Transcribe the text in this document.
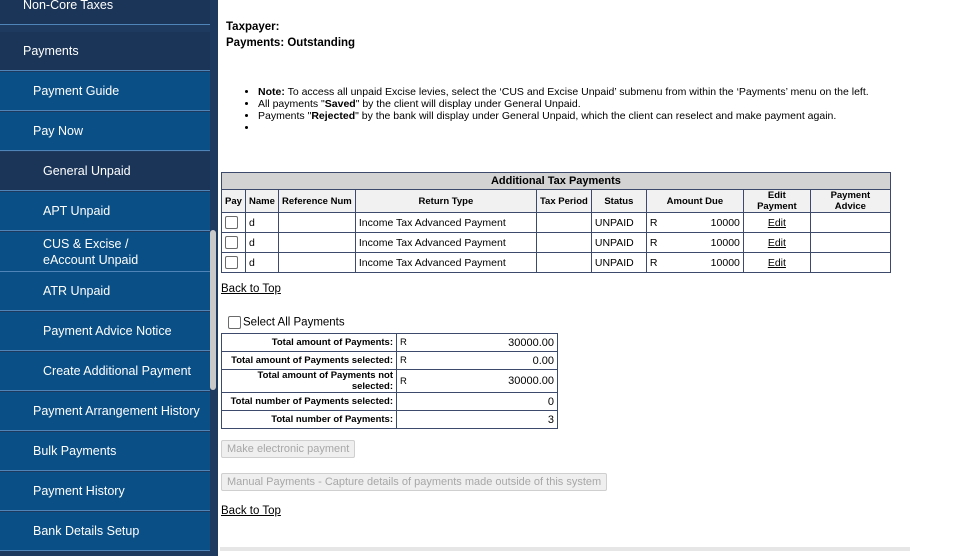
Non-Core Taxes
Payments
Payment Guide
Pay Now
General Unpaid
APT Unpaid
CUS & Excise / eAccount Unpaid
ATR Unpaid
Payment Advice Notice
Create Additional Payment
Payment Arrangement History
Bulk Payments
Payment History
Bank Details Setup
Taxpayer:
Payments: Outstanding
• Note: To access all unpaid Excise levies, select the ‘CUS and Excise Unpaid’ submenu from within the ‘Payments’ menu on the left.
• All payments "Saved" by the client will display under General Unpaid.
• Payments "Rejected" by the bank will display under General Unpaid, which the client can reselect and make payment again.
•
Additional Tax Payments								
Pay	Name	Reference Num	Return Type	Tax Period	Status	Amount Due	Edit Payment	Payment Advice
	d		Income Tax Advanced Payment		UNPAID	R 10000	Edit	
	d		Income Tax Advanced Payment		UNPAID	R 10000	Edit	
	d		Income Tax Advanced Payment		UNPAID	R 10000	Edit	
Back to Top
Select All Payments
Total amount of Payments:	R	30000.00
Total amount of Payments selected:	R	0.00
Total amount of Payments not selected:	R	30000.00
Total number of Payments selected:	0	
Total number of Payments:	3	
Make electronic payment
Manual Payments - Capture details of payments made outside of this system
Back to Top
